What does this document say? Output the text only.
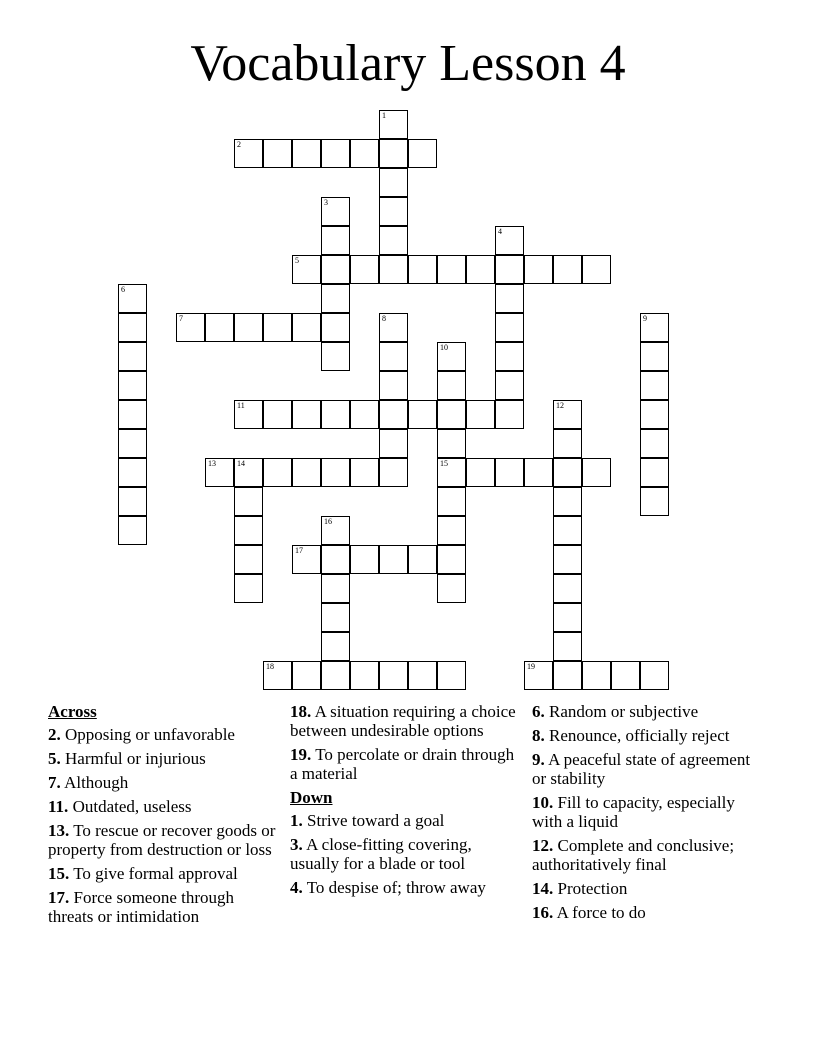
Vocabulary Lesson 4
1
2
3
4
5
6
7	8	9
10
11	12
13	14	15
16
17
18	19
Across
2. Opposing or unfavorable
5. Harmful or injurious
7. Although
11. Outdated, useless
13. To rescue or recover goods or property from destruction or loss
15. To give formal approval
17. Force someone through threats or intimidation
18. A situation requiring a choice between undesirable options
19. To percolate or drain through a material
Down
1. Strive toward a goal
3. A close-fitting covering, usually for a blade or tool
4. To despise of; throw away
6. Random or subjective
8. Renounce, officially reject
9. A peaceful state of agreement or stability
10. Fill to capacity, especially with a liquid
12. Complete and conclusive; authoritatively final
14. Protection
16. A force to do
